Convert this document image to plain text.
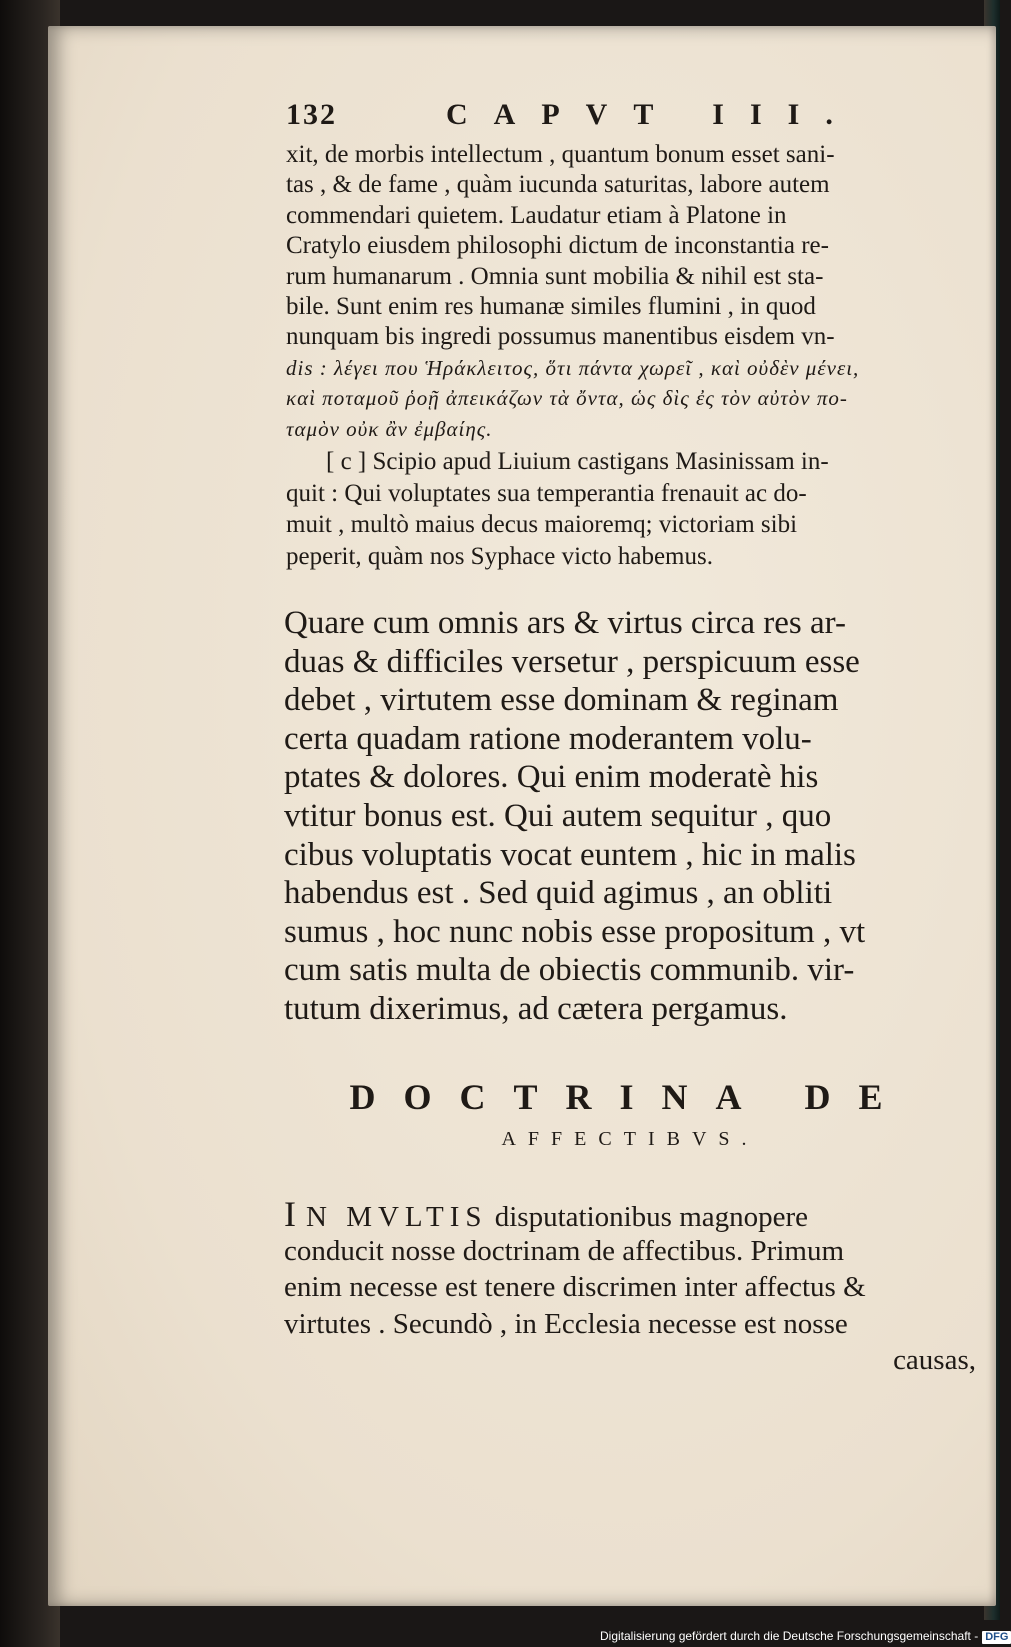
132	CAPVT III.
xit, de morbis intellectum , quantum bonum esset sani-
tas , & de fame , quàm iucunda saturitas, labore autem
commendari quietem. Laudatur etiam à Platone in
Cratylo eiusdem philosophi dictum de inconstantia re-
rum humanarum . Omnia sunt mobilia & nihil est sta-
bile. Sunt enim res humanæ similes flumini , in quod
nunquam bis ingredi possumus manentibus eisdem vn-
dis : λέγει που Ἡράκλειτος, ὅτι πάντα χωρεῖ , καὶ οὐδὲν μένει,
καὶ ποταμοῦ ῥοῇ ἀπεικάζων τὰ ὄντα, ὡς δὶς ἐς τὸν αὐτὸν πο-
ταμὸν οὐκ ἂν ἐμβαίης.
[ c ] Scipio apud Liuium castigans Masinissam in-
quit : Qui voluptates sua temperantia frenauit ac do-
muit , multò maius decus maioremq; victoriam sibi
peperit, quàm nos Syphace victo habemus.
Quare cum omnis ars & virtus circa res ar-
duas & difficiles versetur , perspicuum esse
debet , virtutem esse dominam & reginam
certa quadam ratione moderantem volu-
ptates & dolores. Qui enim moderatè his
vtitur bonus est. Qui autem sequitur , quo
cibus voluptatis vocat euntem , hic in malis
habendus est . Sed quid agimus , an obliti
sumus , hoc nunc nobis esse propositum , vt
cum satis multa de obiectis communib. vir-
tutum dixerimus, ad cætera pergamus.
DOCTRINA DE
AFFECTIBVS.
IN MVLTIS disputationibus magnopere
conducit nosse doctrinam de affectibus. Primum
enim necesse est tenere discrimen inter affectus &
virtutes . Secundò , in Ecclesia necesse est nosse
causas,
Digitalisierung gefördert durch die Deutsche Forschungsgemeinschaft - DFG
